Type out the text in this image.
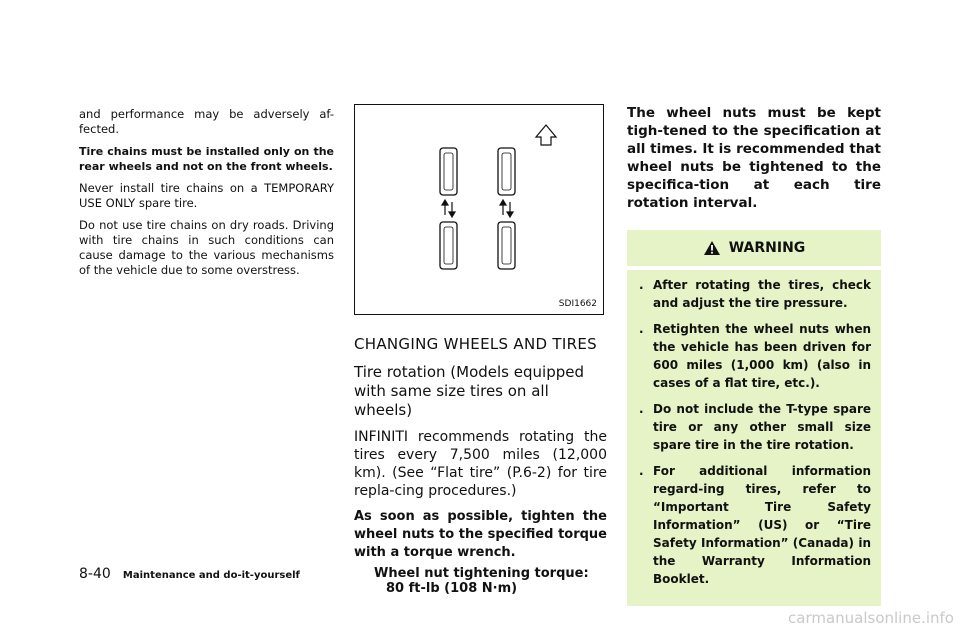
and performance may be adversely af-fected.

Tire chains must be installed only on the rear wheels and not on the front wheels.

Never install tire chains on a TEMPORARY USE ONLY spare tire.

Do not use tire chains on dry roads. Driving with tire chains in such conditions can cause damage to the various mechanisms of the vehicle due to some overstress.

SDI1662
CHANGING WHEELS AND TIRES
Tire rotation (Models equipped with same size tires on all wheels)

INFINITI recommends rotating the tires every 7,500 miles (12,000 km). (See “Flat tire” (P.6-2) for tire repla-cing procedures.)

As soon as possible, tighten the wheel nuts to the specified torque with a torque wrench.

Wheel nut tightening torque:
80 ft-lb (108 N·m)

The wheel nuts must be kept tigh-tened to the specification at all times. It is recommended that wheel nuts be tightened to the specifica-tion at each tire rotation interval.

WARNING
. After rotating the tires, check and adjust the tire pressure.
. Retighten the wheel nuts when the vehicle has been driven for 600 miles (1,000 km) (also in cases of a flat tire, etc.).
. Do not include the T-type spare tire or any other small size spare tire in the tire rotation.
. For additional information regard-ing tires, refer to “Important Tire Safety Information” (US) or “Tire Safety Information” (Canada) in the Warranty Information Booklet.
8-40 Maintenance and do-it-yourself
carmanualsonline.info
